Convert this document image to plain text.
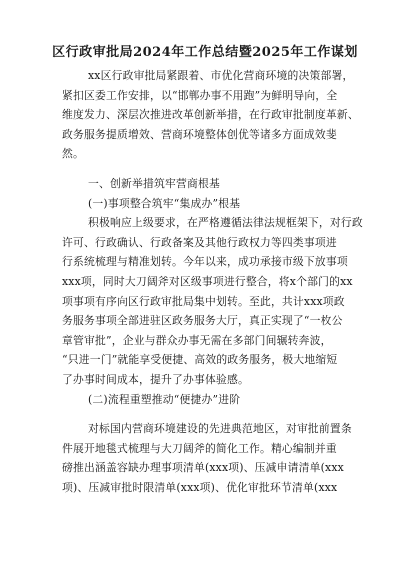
区行政审批局2024年工作总结暨2025年工作谋划
xx区行政审批局紧跟着、市优化营商环境的决策部署，
紧扣区委工作安排，以“邯郸办事不用跑”为鲜明导向，全
维度发力、深层次推进改革创新举措，在行政审批制度革新、
政务服务提质增效、营商环境整体创优等诸多方面成效斐
然。
一、创新举措筑牢营商根基
(一)事项整合筑牢“集成办”根基
积极响应上级要求，在严格遵循法律法规框架下，对行政
许可、行政确认、行政备案及其他行政权力等四类事项进
行系统梳理与精准划转。今年以来，成功承接市级下放事项
xxx项，同时大刀阔斧对区级事项进行整合，将x个部门的xx
项事项有序向区行政审批局集中划转。至此，共计xxx项政
务服务事项全部进驻区政务服务大厅，真正实现了“一枚公
章管审批”，企业与群众办事无需在多部门间辗转奔波，
“只进一门”就能享受便捷、高效的政务服务，极大地缩短
了办事时间成本，提升了办事体验感。
(二)流程重塑推动“便捷办”进阶
对标国内营商环境建设的先进典范地区，对审批前置条
件展开地毯式梳理与大刀阔斧的简化工作。精心编制并重
磅推出涵盖容缺办理事项清单(xxx项)、压减申请清单(xxx
项)、压减审批时限清单(xxx项)、优化审批环节清单(xxx
